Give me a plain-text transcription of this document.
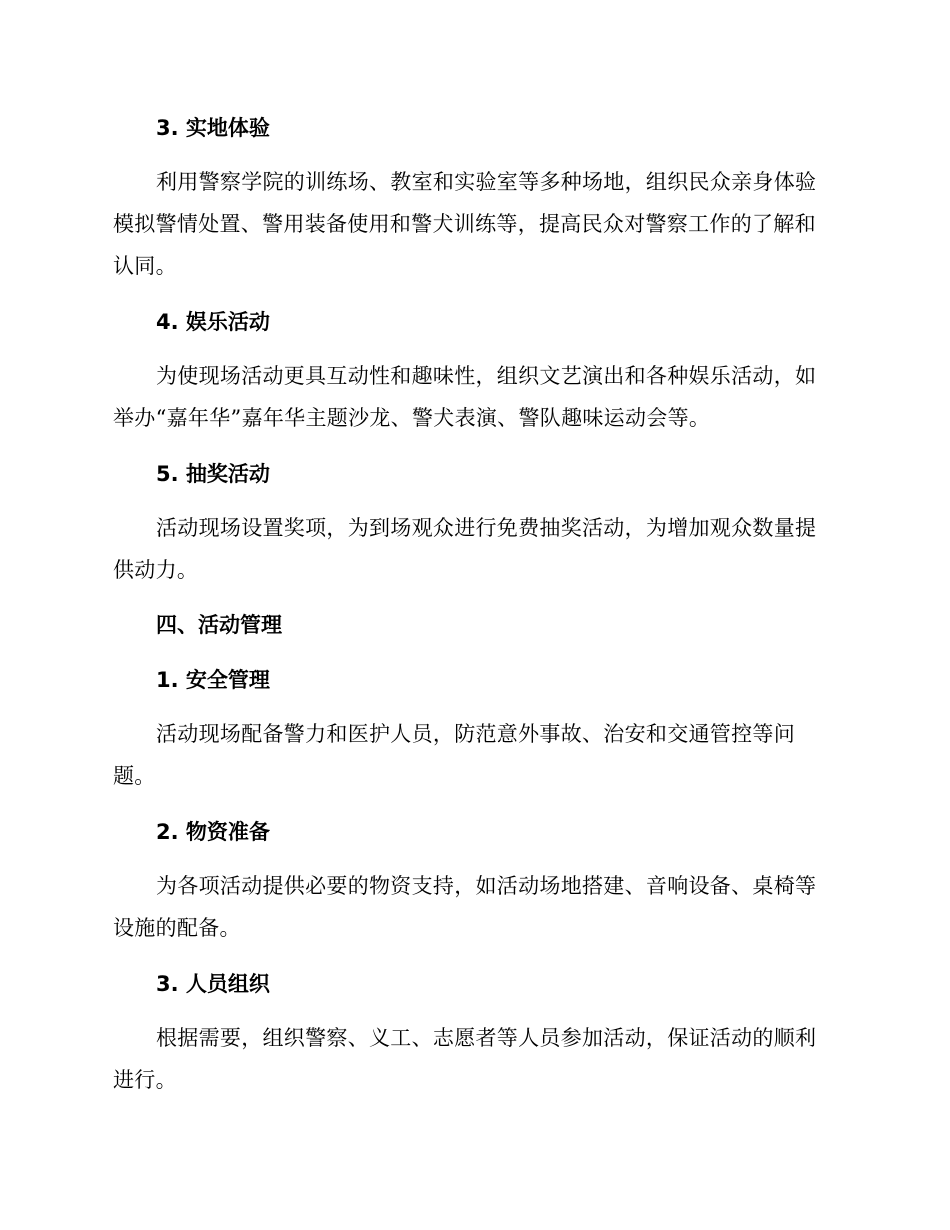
3. 实地体验
利用警察学院的训练场、教室和实验室等多种场地，组织民众亲身体验模拟警情处置、警用装备使用和警犬训练等，提高民众对警察工作的了解和认同。
4. 娱乐活动
为使现场活动更具互动性和趣味性，组织文艺演出和各种娱乐活动，如举办“嘉年华”嘉年华主题沙龙、警犬表演、警队趣味运动会等。
5. 抽奖活动
活动现场设置奖项，为到场观众进行免费抽奖活动，为增加观众数量提供动力。
四、活动管理
1. 安全管理
活动现场配备警力和医护人员，防范意外事故、治安和交通管控等问题。
2. 物资准备
为各项活动提供必要的物资支持，如活动场地搭建、音响设备、桌椅等设施的配备。
3. 人员组织
根据需要，组织警察、义工、志愿者等人员参加活动，保证活动的顺利进行。
